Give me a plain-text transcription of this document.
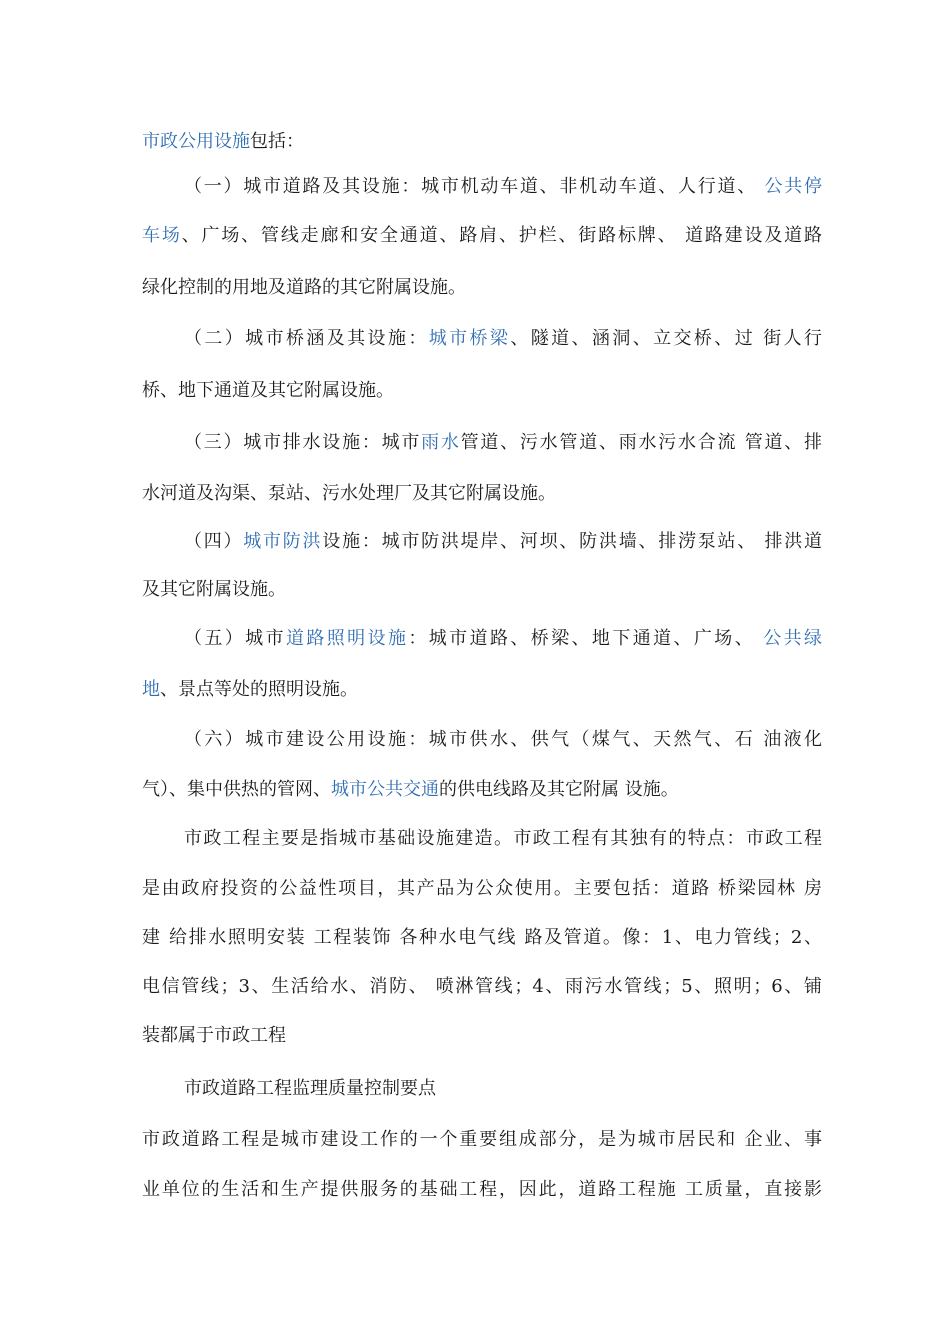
市政公用设施包括：
（一）城市道路及其设施：城市机动车道、非机动车道、人行道、 公共停
车场、广场、管线走廊和安全通道、路肩、护栏、街路标牌、 道路建设及道路
绿化控制的用地及道路的其它附属设施。
（二）城市桥涵及其设施：城市桥梁、隧道、涵洞、立交桥、过 街人行
桥、地下通道及其它附属设施。
（三）城市排水设施：城市雨水管道、污水管道、雨水污水合流 管道、排
水河道及沟渠、泵站、污水处理厂及其它附属设施。
（四）城市防洪设施：城市防洪堤岸、河坝、防洪墙、排涝泵站、 排洪道
及其它附属设施。
（五）城市道路照明设施：城市道路、桥梁、地下通道、广场、 公共绿
地、景点等处的照明设施。
（六）城市建设公用设施：城市供水、供气（煤气、天然气、石 油液化
气）、集中供热的管网、城市公共交通的供电线路及其它附属 设施。
市政工程主要是指城市基础设施建造。市政工程有其独有的特点：市政工程
是由政府投资的公益性项目，其产品为公众使用。主要包括：道路 桥梁园林 房
建 给排水照明安装 工程装饰 各种水电气线 路及管道。像：1、电力管线；2、
电信管线；3、生活给水、消防、 喷淋管线；4、雨污水管线；5、照明；6、铺
装都属于市政工程
市政道路工程监理质量控制要点
市政道路工程是城市建设工作的一个重要组成部分，是为城市居民和 企业、事
业单位的生活和生产提供服务的基础工程，因此，道路工程施 工质量，直接影
